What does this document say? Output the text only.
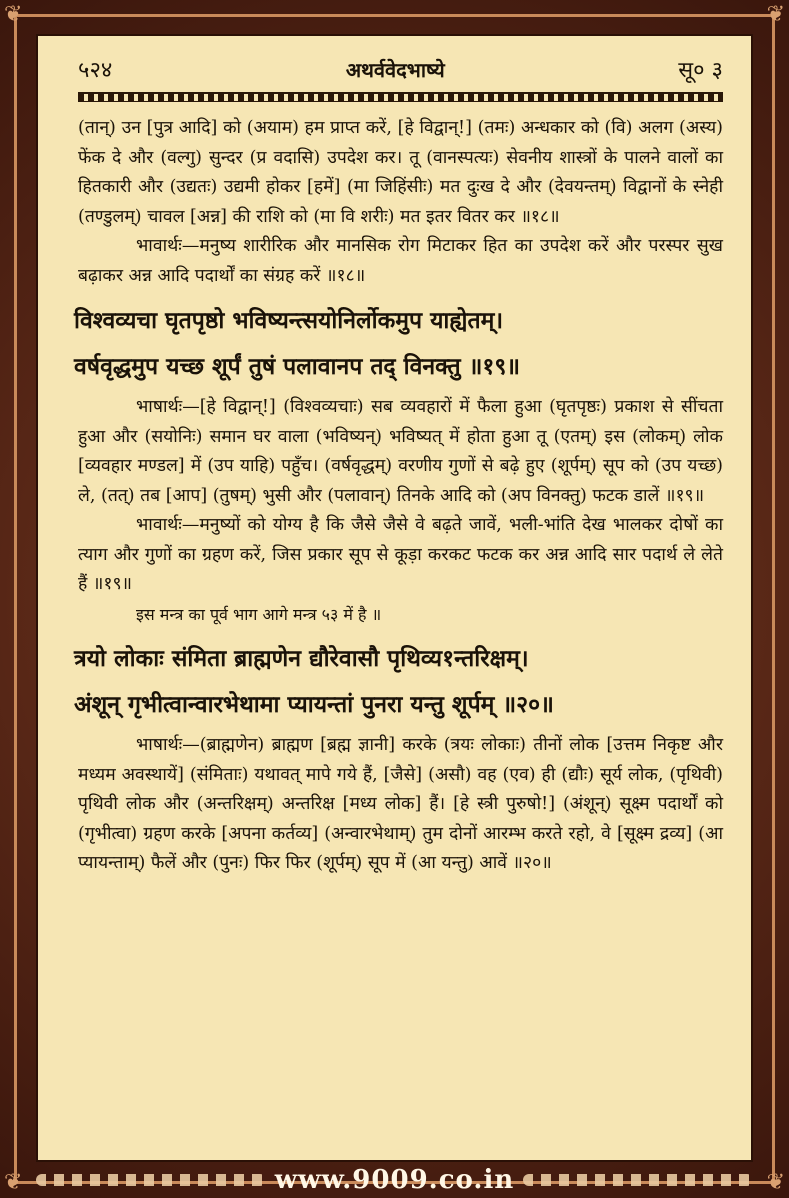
❦	❦
❦	❦
५२४	अथर्ववेदभाष्ये	सू० ३

(तान्) उन [पुत्र आदि] को (अयाम) हम प्राप्त करें, [हे विद्वान्!] (तमः) अन्धकार को (वि) अलग (अस्य) फेंक दे और (वल्गु) सुन्दर (प्र वदासि) उपदेश कर। तू (वानस्पत्यः) सेवनीय शास्त्रों के पालने वालों का हितकारी और (उद्यतः) उद्यमी होकर [हमें] (मा जिहिंसीः) मत दुःख दे और (देवयन्तम्) विद्वानों के स्नेही (तण्डुलम्) चावल [अन्न] की राशि को (मा वि शरीः) मत इतर वितर कर ॥१८॥

भावार्थः—मनुष्य शारीरिक और मानसिक रोग मिटाकर हित का उपदेश करें और परस्पर सुख बढ़ाकर अन्न आदि पदार्थों का संग्रह करें ॥१८॥

विश्वव्यचा घृतपृष्ठो भविष्यन्त्सयोनिर्लोकमुप याह्येतम्।
वर्षवृद्धमुप यच्छ शूर्पं तुषं पलावानप तद् विनक्तु ॥१९॥

भाषार्थः—[हे विद्वान्!] (विश्वव्यचाः) सब व्यवहारों में फैला हुआ (घृतपृष्ठः) प्रकाश से सींचता हुआ और (सयोनिः) समान घर वाला (भविष्यन्) भविष्यत् में होता हुआ तू (एतम्) इस (लोकम्) लोक [व्यवहार मण्डल] में (उप याहि) पहुँच। (वर्षवृद्धम्) वरणीय गुणों से बढ़े हुए (शूर्पम्) सूप को (उप यच्छ) ले, (तत्) तब [आप] (तुषम्) भुसी और (पलावान्) तिनके आदि को (अप विनक्तु) फटक डालें ॥१९॥

भावार्थः—मनुष्यों को योग्य है कि जैसे जैसे वे बढ़ते जावें, भली-भांति देख भालकर दोषों का त्याग और गुणों का ग्रहण करें, जिस प्रकार सूप से कूड़ा करकट फटक कर अन्न आदि सार पदार्थ ले लेते हैं ॥१९॥

इस मन्त्र का पूर्व भाग आगे मन्त्र ५३ में है ॥

त्रयो लोकाः संमिता ब्राह्मणेन द्यौरेवासौ पृथिव्य१न्तरिक्षम्।
अंशून् गृभीत्वान्वारभेथामा प्यायन्तां पुनरा यन्तु शूर्पम् ॥२०॥

भाषार्थः—(ब्राह्मणेन) ब्राह्मण [ब्रह्म ज्ञानी] करके (त्रयः लोकाः) तीनों लोक [उत्तम निकृष्ट और मध्यम अवस्थायें] (संमिताः) यथावत् मापे गये हैं, [जैसे] (असौ) वह (एव) ही (द्यौः) सूर्य लोक, (पृथिवी) पृथिवी लोक और (अन्तरिक्षम्) अन्तरिक्ष [मध्य लोक] हैं। [हे स्त्री पुरुषो!] (अंशून्) सूक्ष्म पदार्थों को (गृभीत्वा) ग्रहण करके [अपना कर्तव्य] (अन्वारभेथाम्) तुम दोनों आरम्भ करते रहो, वे [सूक्ष्म द्रव्य] (आ प्यायन्ताम्) फैलें और (पुनः) फिर फिर (शूर्पम्) सूप में (आ यन्तु) आवें ॥२०॥

www.9009.co.in
